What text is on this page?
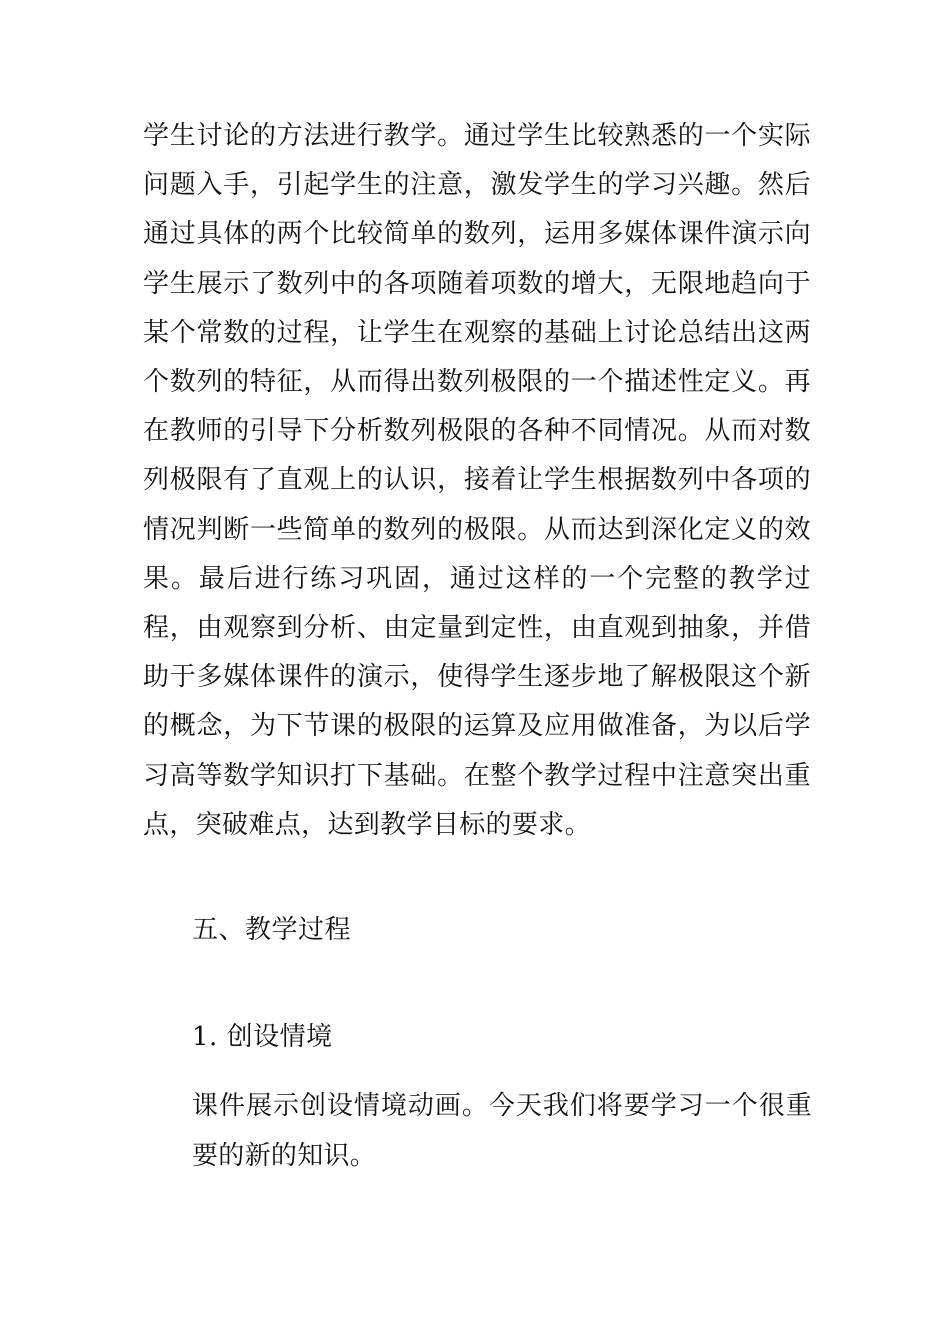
学生讨论的方法进行教学。通过学生比较熟悉的一个实际问题入手，引起学生的注意，激发学生的学习兴趣。然后通过具体的两个比较简单的数列，运用多媒体课件演示向学生展示了数列中的各项随着项数的增大，无限地趋向于某个常数的过程，让学生在观察的基础上讨论总结出这两个数列的特征，从而得出数列极限的一个描述性定义。再在教师的引导下分析数列极限的各种不同情况。从而对数列极限有了直观上的认识，接着让学生根据数列中各项的情况判断一些简单的数列的极限。从而达到深化定义的效果。最后进行练习巩固，通过这样的一个完整的教学过程，由观察到分析、由定量到定性，由直观到抽象，并借助于多媒体课件的演示，使得学生逐步地了解极限这个新的概念，为下节课的极限的运算及应用做准备，为以后学习高等数学知识打下基础。在整个教学过程中注意突出重点，突破难点，达到教学目标的要求。

五、教学过程
1. 创设情境

课件展示创设情境动画。今天我们将要学习一个很重要的新的知识。
